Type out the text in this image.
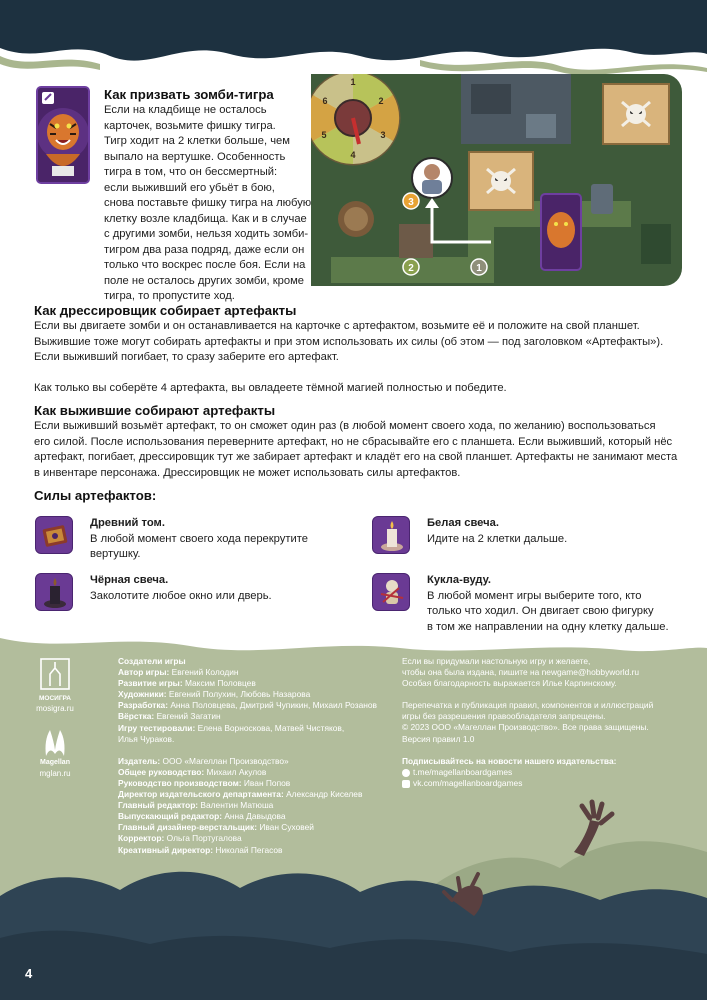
Как призвать зомби-тигра
Если на кладбище не осталось
карточек, возьмите фишку тигра.
Тигр ходит на 2 клетки больше, чем
выпало на вертушке. Особенность
тигра в том, что он бессмертный:
если выживший его убьёт в бою,
снова поставьте фишку тигра на любую
клетку возле кладбища. Как и в случае
с другими зомби, нельзя ходить зомби-
тигром два раза подряд, даже если он
только что воскрес после боя. Если на
поле не осталось других зомби, кроме
тигра, то пропустите ход.
3
2	1
1
2
3
4
5
6
Как дрессировщик собирает артефакты
Если вы двигаете зомби и он останавливается на карточке с артефактом, возьмите её и положите на свой планшет.
Выжившие тоже могут собирать артефакты и при этом использовать их силы (об этом — под заголовком «Артефакты»).
Если выживший погибает, то сразу заберите его артефакт.
Как только вы соберёте 4 артефакта, вы овладеете тёмной магией полностью и победите.
Как выжившие собирают артефакты
Если выживший возьмёт артефакт, то он сможет один раз (в любой момент своего хода, по желанию) воспользоваться
его силой. После использования переверните артефакт, но не сбрасывайте его с планшета. Если выживший, который нёс
артефакт, погибает, дрессировщик тут же забирает артефакт и кладёт его на свой планшет. Артефакты не занимают места
в инвентаре персонажа. Дрессировщик не может использовать силы артефактов.
Силы артефактов:
Древний том.
В любой момент своего хода перекрутите
вертушку.
Чёрная свеча.
Заколотите любое окно или дверь.
Белая свеча.
Идите на 2 клетки дальше.
Кукла-вуду.
В любой момент игры выберите того, кто
только что ходил. Он двигает свою фигурку
в том же направлении на одну клетку дальше.
МОСИГРА
mosigra.ru
Magellan
mglan.ru
Создатели игры
Автор игры: Евгений Колодин
Развитие игры: Максим Половцев
Художники: Евгений Полухин, Любовь Назарова
Разработка: Анна Половцева, Дмитрий Чупикин, Михаил Розанов
Вёрстка: Евгений Загатин
Игру тестировали: Елена Ворноскова, Матвей Чистяков,
Илья Чураков.
Издатель: ООО «Магеллан Производство»
Общее руководство: Михаил Акулов
Руководство производством: Иван Попов
Директор издательского департамента: Александр Киселев
Главный редактор: Валентин Матюша
Выпускающий редактор: Анна Давыдова
Главный дизайнер-верстальщик: Иван Суховей
Корректор: Ольга Португалова
Креативный директор: Николай Пегасов
Если вы придумали настольную игру и желаете,
чтобы она была издана, пишите на newgame@hobbyworld.ru
Особая благодарность выражается Илье Карпинскому.
Перепечатка и публикация правил, компонентов и иллюстраций
игры без разрешения правообладателя запрещены.
© 2023 ООО «Магеллан Производство». Все права защищены.
Версия правил 1.0
Подписывайтесь на новости нашего издательства:
t.me/magellanboardgames
vk.com/magellanboardgames
4
